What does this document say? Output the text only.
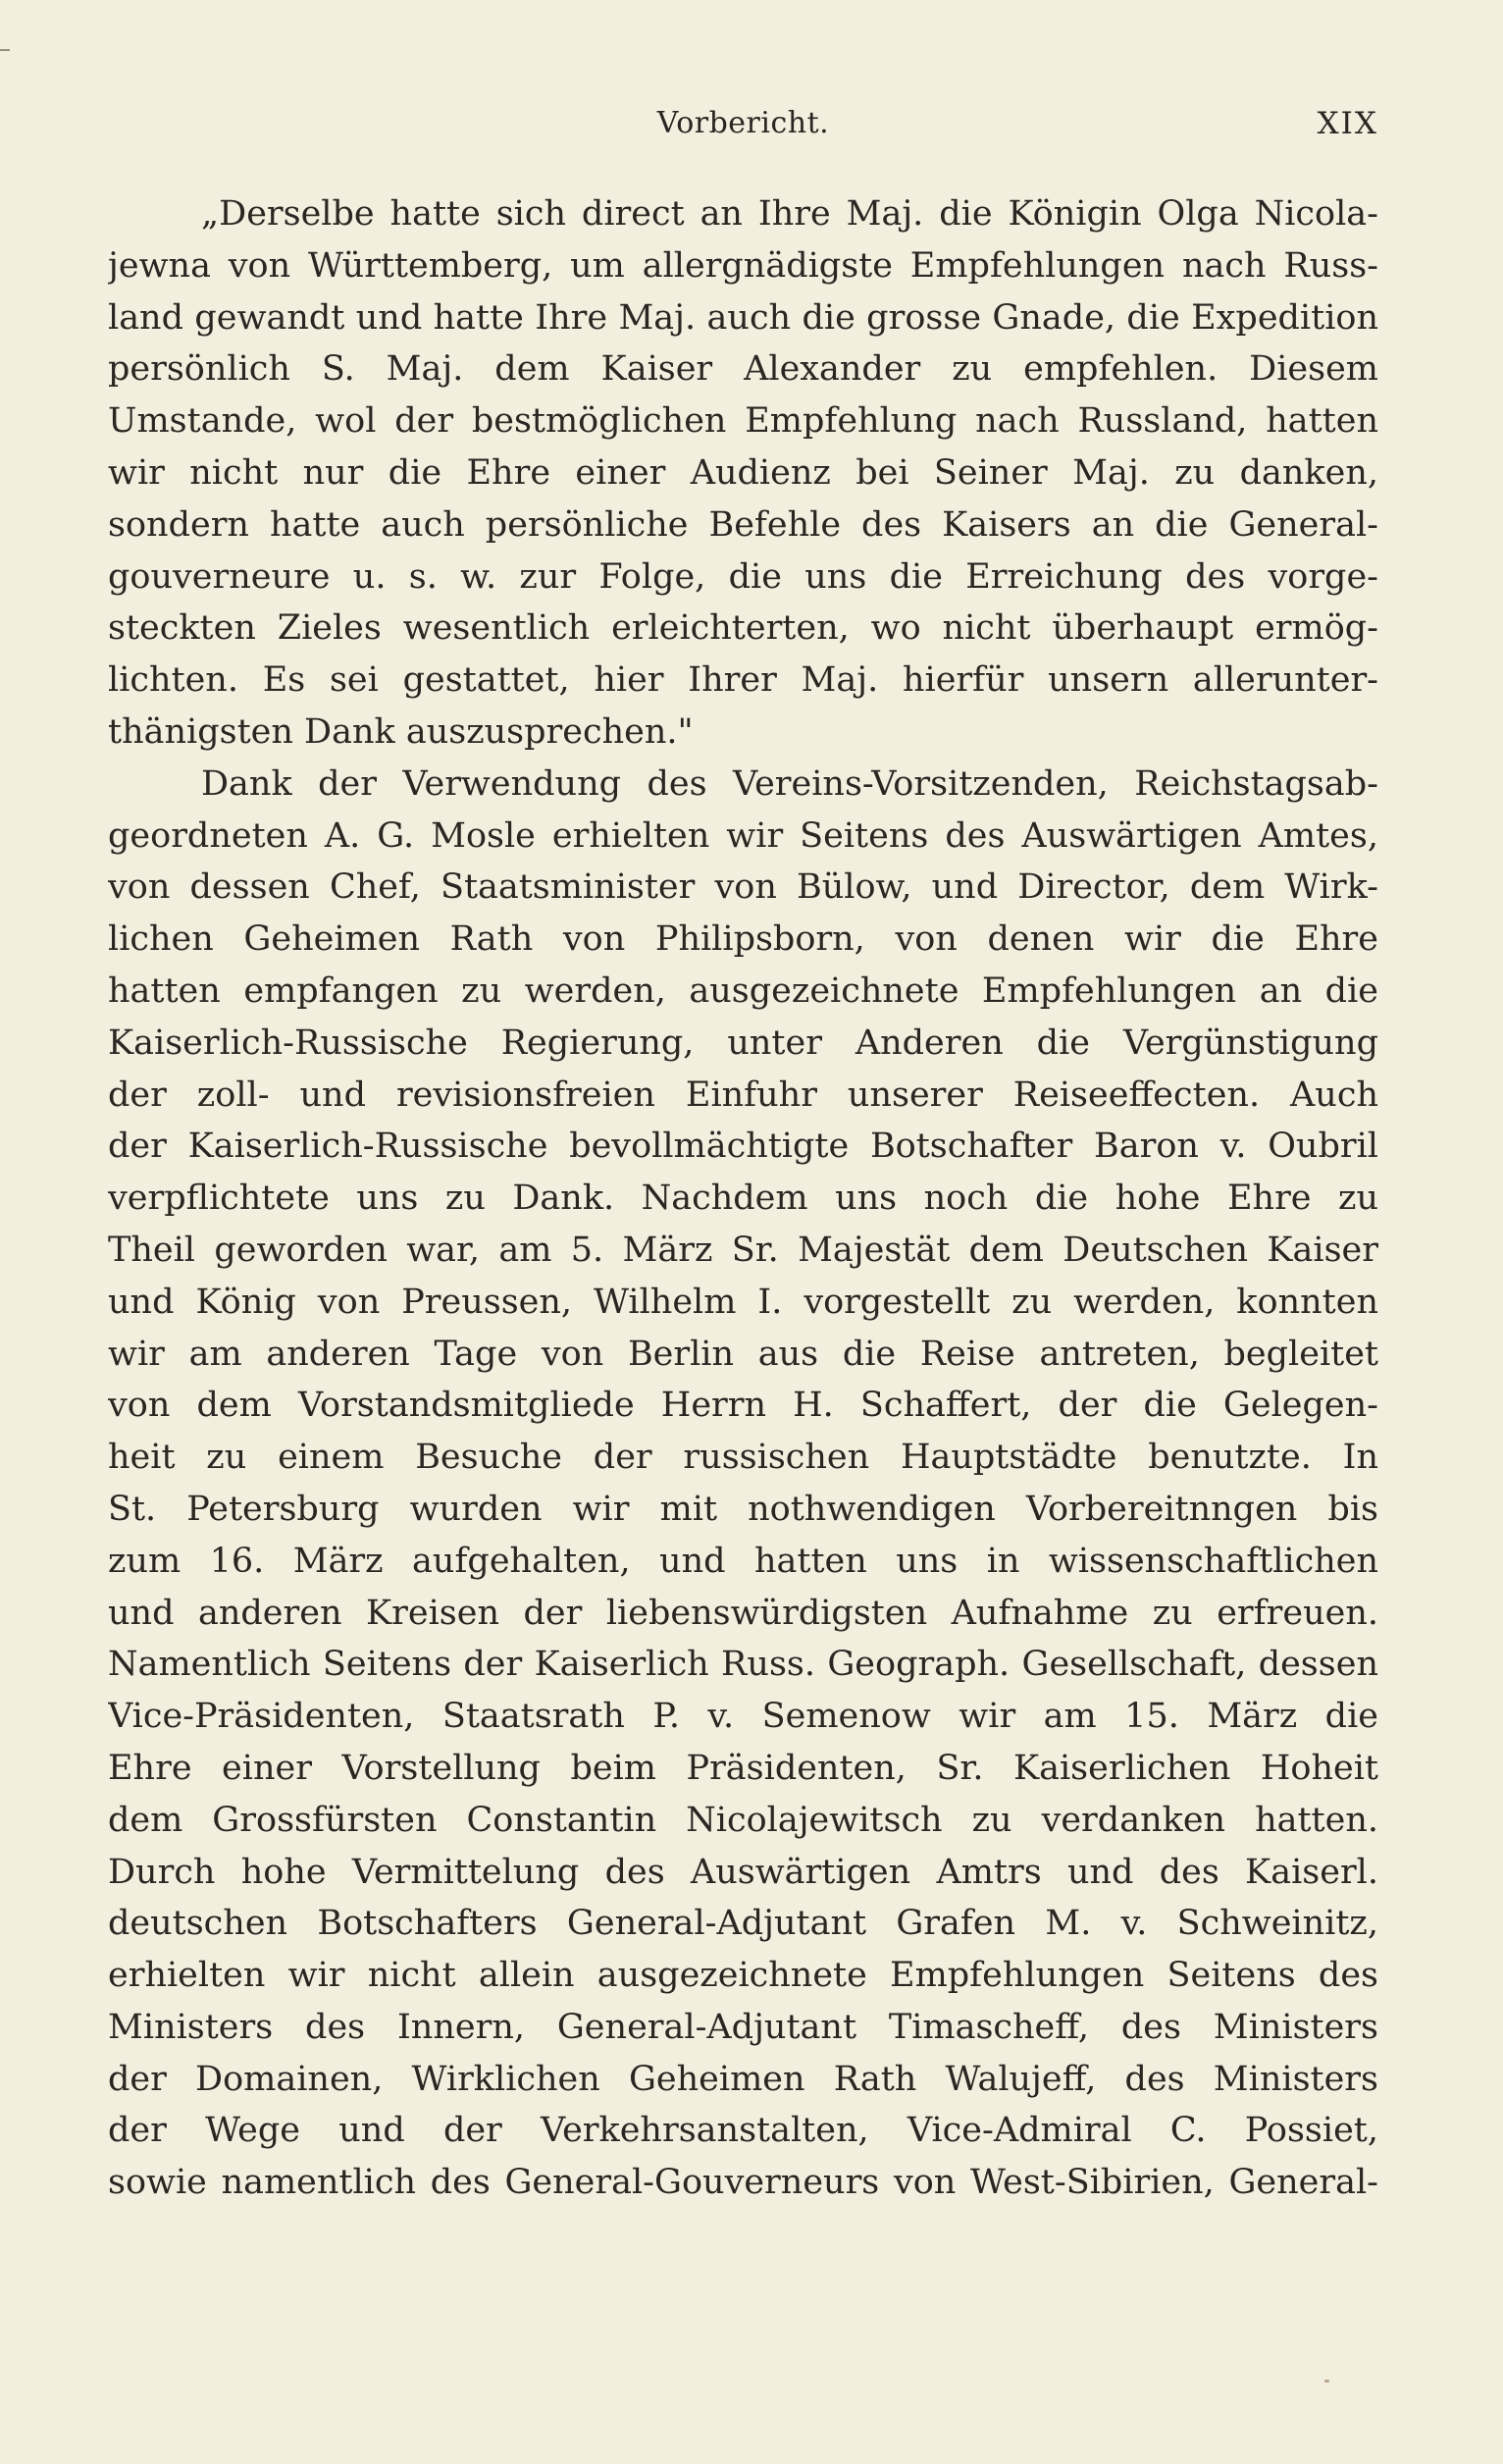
Vorbericht.	XIX
„Derselbe hatte sich direct an Ihre Maj. die Königin Olga Nicola-
jewna von Württemberg, um allergnädigste Empfehlungen nach Russ-
land gewandt und hatte Ihre Maj. auch die grosse Gnade, die Expedition
persönlich S. Maj. dem Kaiser Alexander zu empfehlen. Diesem
Umstande, wol der bestmöglichen Empfehlung nach Russland, hatten
wir nicht nur die Ehre einer Audienz bei Seiner Maj. zu danken,
sondern hatte auch persönliche Befehle des Kaisers an die General-
gouverneure u. s. w. zur Folge, die uns die Erreichung des vorge-
steckten Zieles wesentlich erleichterten, wo nicht überhaupt ermög-
lichten. Es sei gestattet, hier Ihrer Maj. hierfür unsern allerunter-
thänigsten Dank auszusprechen."
Dank der Verwendung des Vereins-Vorsitzenden, Reichstagsab-
geordneten A. G. Mosle erhielten wir Seitens des Auswärtigen Amtes,
von dessen Chef, Staatsminister von Bülow, und Director, dem Wirk-
lichen Geheimen Rath von Philipsborn, von denen wir die Ehre
hatten empfangen zu werden, ausgezeichnete Empfehlungen an die
Kaiserlich-Russische Regierung, unter Anderen die Vergünstigung
der zoll- und revisionsfreien Einfuhr unserer Reiseeffecten. Auch
der Kaiserlich-Russische bevollmächtigte Botschafter Baron v. Oubril
verpflichtete uns zu Dank. Nachdem uns noch die hohe Ehre zu
Theil geworden war, am 5. März Sr. Majestät dem Deutschen Kaiser
und König von Preussen, Wilhelm I. vorgestellt zu werden, konnten
wir am anderen Tage von Berlin aus die Reise antreten, begleitet
von dem Vorstandsmitgliede Herrn H. Schaffert, der die Gelegen-
heit zu einem Besuche der russischen Hauptstädte benutzte. In
St. Petersburg wurden wir mit nothwendigen Vorbereitnngen bis
zum 16. März aufgehalten, und hatten uns in wissenschaftlichen
und anderen Kreisen der liebenswürdigsten Aufnahme zu erfreuen.
Namentlich Seitens der Kaiserlich Russ. Geograph. Gesellschaft, dessen
Vice-Präsidenten, Staatsrath P. v. Semenow wir am 15. März die
Ehre einer Vorstellung beim Präsidenten, Sr. Kaiserlichen Hoheit
dem Grossfürsten Constantin Nicolajewitsch zu verdanken hatten.
Durch hohe Vermittelung des Auswärtigen Amtrs und des Kaiserl.
deutschen Botschafters General-Adjutant Grafen M. v. Schweinitz,
erhielten wir nicht allein ausgezeichnete Empfehlungen Seitens des
Ministers des Innern, General-Adjutant Timascheff, des Ministers
der Domainen, Wirklichen Geheimen Rath Walujeff, des Ministers
der Wege und der Verkehrsanstalten, Vice-Admiral C. Possiet,
sowie namentlich des General-Gouverneurs von West-Sibirien, General-
